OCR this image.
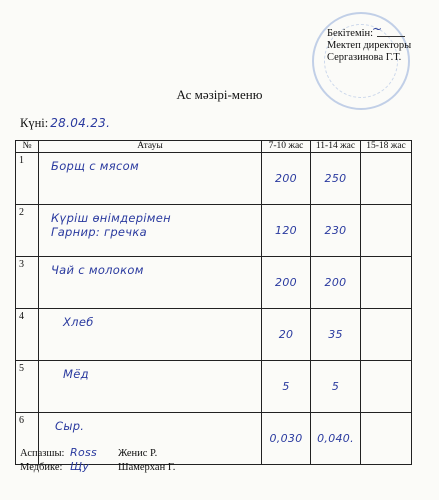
~
Бекітемін:
Мектеп директоры
Сергазинова Г.Т.
Ас мәзірі-меню
Күні: 28.04.23.
№	Атауы	7-10 жас	11-14 жас	15-18 жас
1	Борщ с мясом	200	250	
2	Күріш өнімдерімен
Гарнир: гречка	120	230	
3	Чай с молоком	200	200	
4	Хлеб	20	35	
5	Мёд	5	5	
6	Сыр.	0,030	0,040.	
Аспазшы: Ross Женис Р.
Медбике: Щy	Шамерхан Г.
